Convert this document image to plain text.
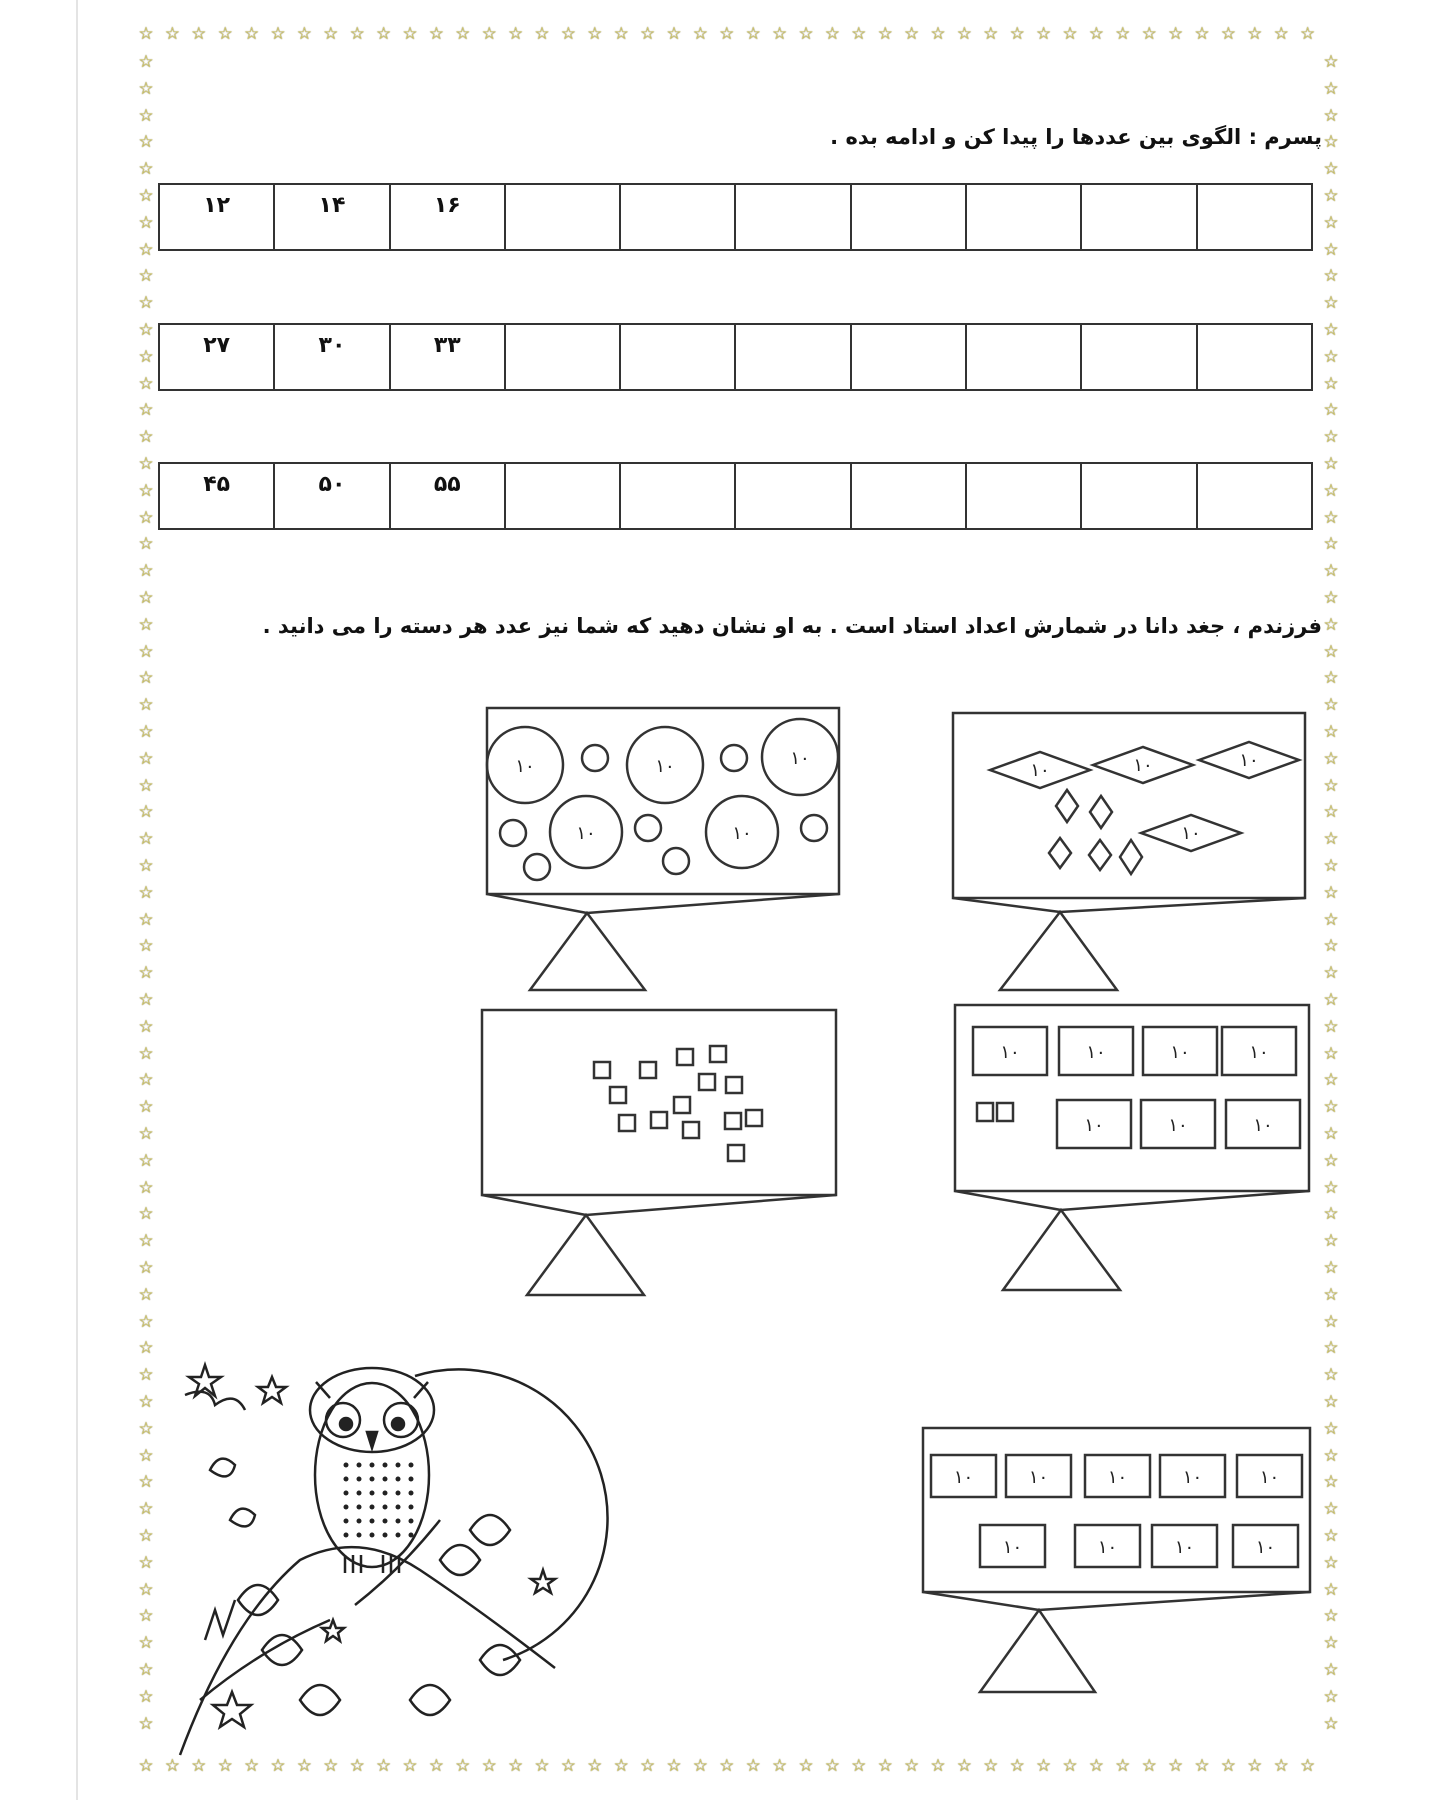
☆
☆
☆
☆
☆
☆
☆
☆
☆
☆
☆
☆
☆
☆
☆
☆
☆
☆
☆
☆
☆
☆
☆
☆
☆
☆
☆
☆
☆
☆
☆
☆
☆
☆
☆
☆
☆
☆
☆
☆
☆
☆
☆
☆
☆
☆
☆
☆
☆
☆
☆
☆
☆
☆
☆
☆
☆
☆
☆
☆
☆
☆
☆
☆
☆
☆
☆
☆
☆
☆
☆
☆
☆
☆
☆
☆
☆
☆
☆
☆
☆
☆
☆
☆
☆
☆
☆
☆
☆
☆
☆	☆
☆	☆
☆	☆
☆	☆
☆	☆
☆	☆
☆	☆
☆	☆
☆	☆
☆	☆
☆	☆
☆	☆
☆	☆
☆	☆
☆	☆
☆	☆
☆	☆
☆	☆
☆	☆
☆	☆
☆	☆
☆	☆
☆	☆
☆	☆
☆	☆
☆	☆
☆	☆
☆	☆
☆	☆
☆	☆
☆	☆
☆	☆
☆	☆
☆	☆
☆	☆
☆	☆
☆	☆
☆	☆
☆	☆
☆	☆
☆	☆
☆	☆
☆	☆
☆	☆
☆	☆
☆	☆
☆	☆
☆	☆
☆	☆
☆	☆
☆	☆
☆	☆
☆	☆
☆	☆
☆	☆
☆	☆
☆	☆
☆	☆
☆	☆
☆	☆
☆	☆
☆	☆
☆	☆
پسرم : الگوی بین عددها را پیدا کن و ادامه بده .
۱۲	۱۴	۱۶
۲۷	۳۰	۳۳
۴۵	۵۰	۵۵
فرزندم ، جغد دانا در شمارش اعداد استاد است . به او نشان دهید که شما نیز عدد هر دسته را می دانید .
۱۰	۱۰	۱۰
۱۰	۱۰
۱۰	۱۰	۱۰
۱۰
۱۰	۱۰	۱۰	۱۰
۱۰	۱۰	۱۰
۱۰	۱۰	۱۰	۱۰	۱۰
۱۰	۱۰	۱۰	۱۰
